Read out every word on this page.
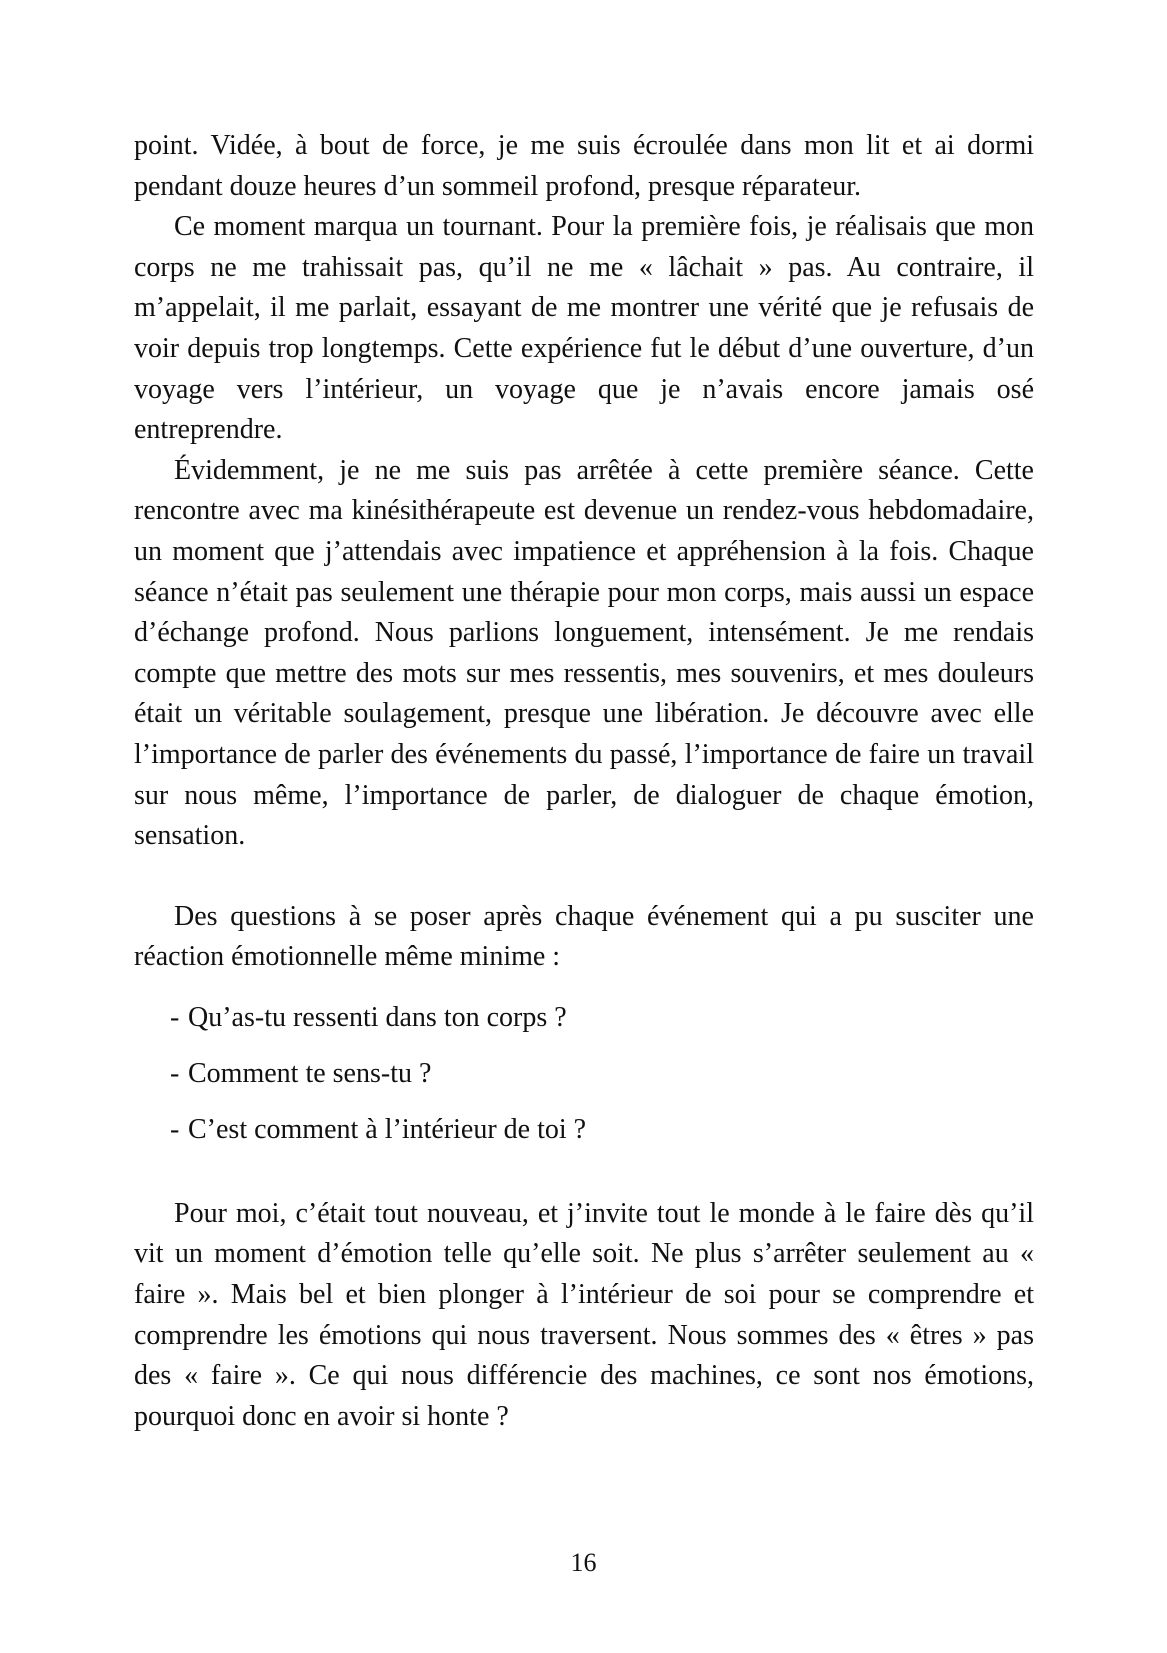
point. Vidée, à bout de force, je me suis écroulée dans mon lit et ai dormi pendant douze heures d’un sommeil profond, presque réparateur.

Ce moment marqua un tournant. Pour la première fois, je réalisais que mon corps ne me trahissait pas, qu’il ne me « lâchait » pas. Au contraire, il m’appelait, il me parlait, essayant de me montrer une vérité que je refusais de voir depuis trop longtemps. Cette expérience fut le début d’une ouverture, d’un voyage vers l’intérieur, un voyage que je n’avais encore jamais osé entreprendre.

Évidemment, je ne me suis pas arrêtée à cette première séance. Cette rencontre avec ma kinésithérapeute est devenue un rendez-vous hebdomadaire, un moment que j’attendais avec impatience et appréhension à la fois. Chaque séance n’était pas seulement une thérapie pour mon corps, mais aussi un espace d’échange profond. Nous parlions longuement, intensément. Je me rendais compte que mettre des mots sur mes ressentis, mes souvenirs, et mes douleurs était un véritable soulagement, presque une libération. Je découvre avec elle l’importance de parler des événements du passé, l’importance de faire un travail sur nous même, l’importance de parler, de dialoguer de chaque émotion, sensation.

Des questions à se poser après chaque événement qui a pu susciter une réaction émotionnelle même minime :

- Qu’as-tu ressenti dans ton corps ?
- Comment te sens-tu ?
- C’est comment à l’intérieur de toi ?

Pour moi, c’était tout nouveau, et j’invite tout le monde à le faire dès qu’il vit un moment d’émotion telle qu’elle soit. Ne plus s’arrêter seulement au « faire ». Mais bel et bien plonger à l’intérieur de soi pour se comprendre et comprendre les émotions qui nous traversent. Nous sommes des « êtres » pas des « faire ». Ce qui nous différencie des machines, ce sont nos émotions, pourquoi donc en avoir si honte ?

16
